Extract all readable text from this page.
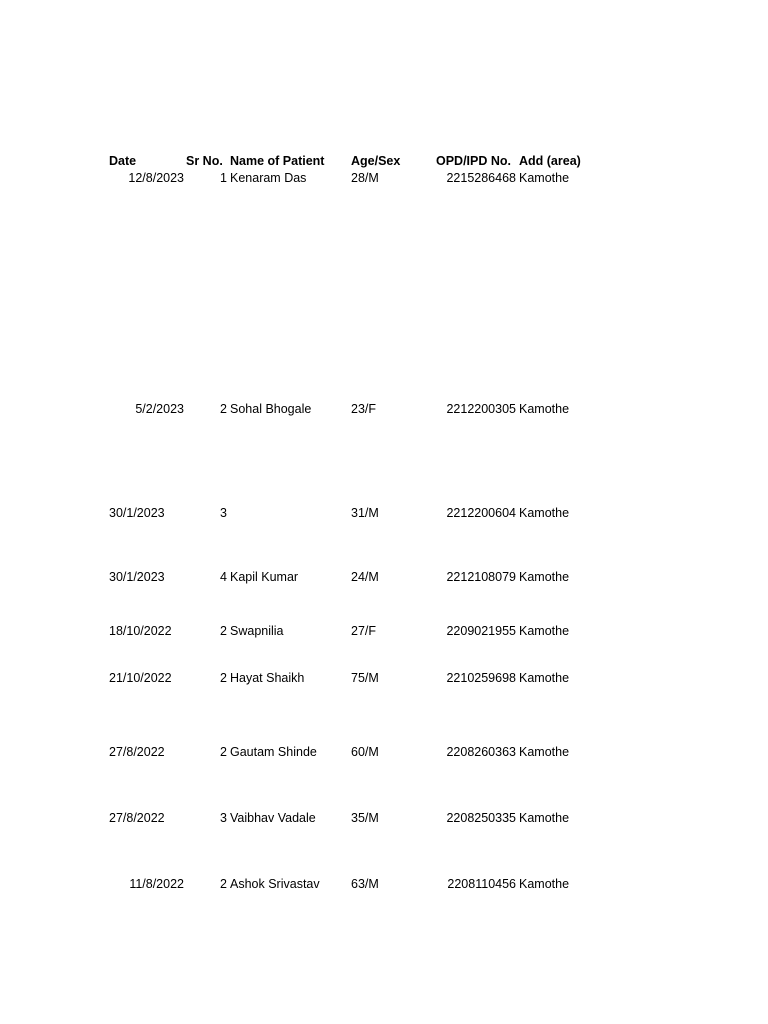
Date	Sr No. Name of Patient Age/Sex	OPD/IPD No. Add (area)
12/8/2023	1 Kenaram Das	28/M	2215286468 Kamothe
5/2/2023	2 Sohal Bhogale	23/F	2212200305 Kamothe
30/1/2023	3	31/M	2212200604 Kamothe
30/1/2023	4 Kapil Kumar	24/M	2212108079 Kamothe
18/10/2022	2 Swapnilia	27/F	2209021955 Kamothe
21/10/2022	2 Hayat Shaikh	75/M	2210259698 Kamothe
27/8/2022	2 Gautam Shinde	60/M	2208260363 Kamothe
27/8/2022	3 Vaibhav Vadale	35/M	2208250335 Kamothe
11/8/2022	2 Ashok Srivastav	63/M	2208110456 Kamothe
